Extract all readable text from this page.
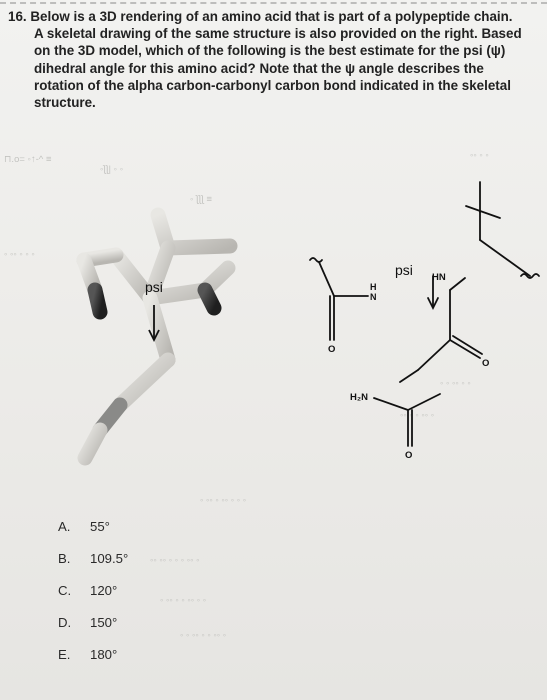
≡ ^-↑◦ =o.⊓
◦ ◦ |∫∫◦
≡ ∫∫∫ ◦
◦ ◦ ◦◦
◦ ◦ ◦ ◦◦ ◦
◦ ◦ ◦◦ ◦ ◦
◦ ◦◦ ◦ ◦ ◦◦
◦ ◦ ◦ ◦◦ ◦ ◦◦ ◦
◦ ◦◦ ◦ ◦ ◦ ◦◦ ◦◦
◦ ◦ ◦◦ ◦ ◦ ◦◦ ◦
◦ ◦◦ ◦ ◦ ◦◦ ◦ ◦
16. Below is a 3D rendering of an amino acid that is part of a polypeptide chain.
A skeletal drawing of the same structure is also provided on the right. Based
on the 3D model, which of the following is the best estimate for the psi (ψ)
dihedral angle for this amino acid? Note that the ψ angle describes the
rotation of the alpha carbon-carbonyl carbon bond indicated in the skeletal
structure.
psi
psi HN
H
N
O
O
H₂N
O
A.	55°
B.	109.5°
C.	120°
D.	150°
E.	180°
